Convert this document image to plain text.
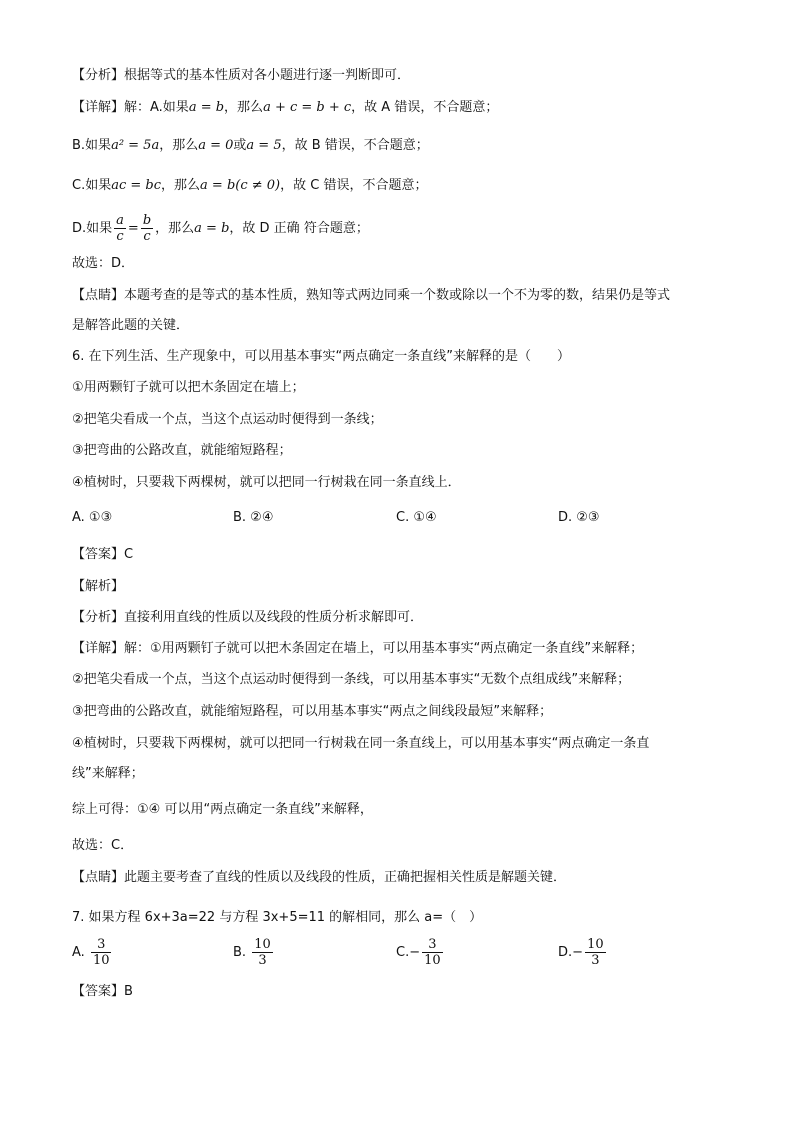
【分析】根据等式的基本性质对各小题进行逐一判断即可．
【详解】解：A.如果a = b，那么a + c = b + c，故 A 错误，不合题意；
B.如果a² = 5a，那么a = 0或a = 5，故 B 错误，不合题意；
C.如果ac = bc，那么a = b(c ≠ 0)，故 C 错误，不合题意；
D.如果 $\frac{a}{c} = \frac{b}{c}$ ，那么a = b，故 D 正确 符合题意；
故选：D．
【点睛】本题考查的是等式的基本性质，熟知等式两边同乘一个数或除以一个不为零的数，结果仍是等式
是解答此题的关键．
6. 在下列生活、生产现象中，可以用基本事实“两点确定一条直线”来解释的是（　　）
①用两颗钉子就可以把木条固定在墙上；
②把笔尖看成一个点，当这个点运动时便得到一条线；
③把弯曲的公路改直，就能缩短路程；
④植树时，只要栽下两棵树，就可以把同一行树栽在同一条直线上．
A. ①③	B. ②④	C. ①④	D. ②③
【答案】C
【解析】
【分析】直接利用直线的性质以及线段的性质分析求解即可．
【详解】解：①用两颗钉子就可以把木条固定在墙上，可以用基本事实“两点确定一条直线”来解释；
②把笔尖看成一个点，当这个点运动时便得到一条线，可以用基本事实“无数个点组成线”来解释；
③把弯曲的公路改直，就能缩短路程，可以用基本事实“两点之间线段最短”来解释；
④植树时，只要栽下两棵树，就可以把同一行树栽在同一条直线上，可以用基本事实“两点确定一条直
线”来解释；
综上可得：①④ 可以用“两点确定一条直线”来解释，
故选：C．
【点睛】此题主要考查了直线的性质以及线段的性质，正确把握相关性质是解题关键．
7. 如果方程 6x+3a=22 与方程 3x+5=11 的解相同，那么 a=（　）
A. $\frac{3}{10}$	B. $\frac{10}{3}$	$C.- \frac{3}{10}$	$D.- \frac{10}{3}$
【答案】B
